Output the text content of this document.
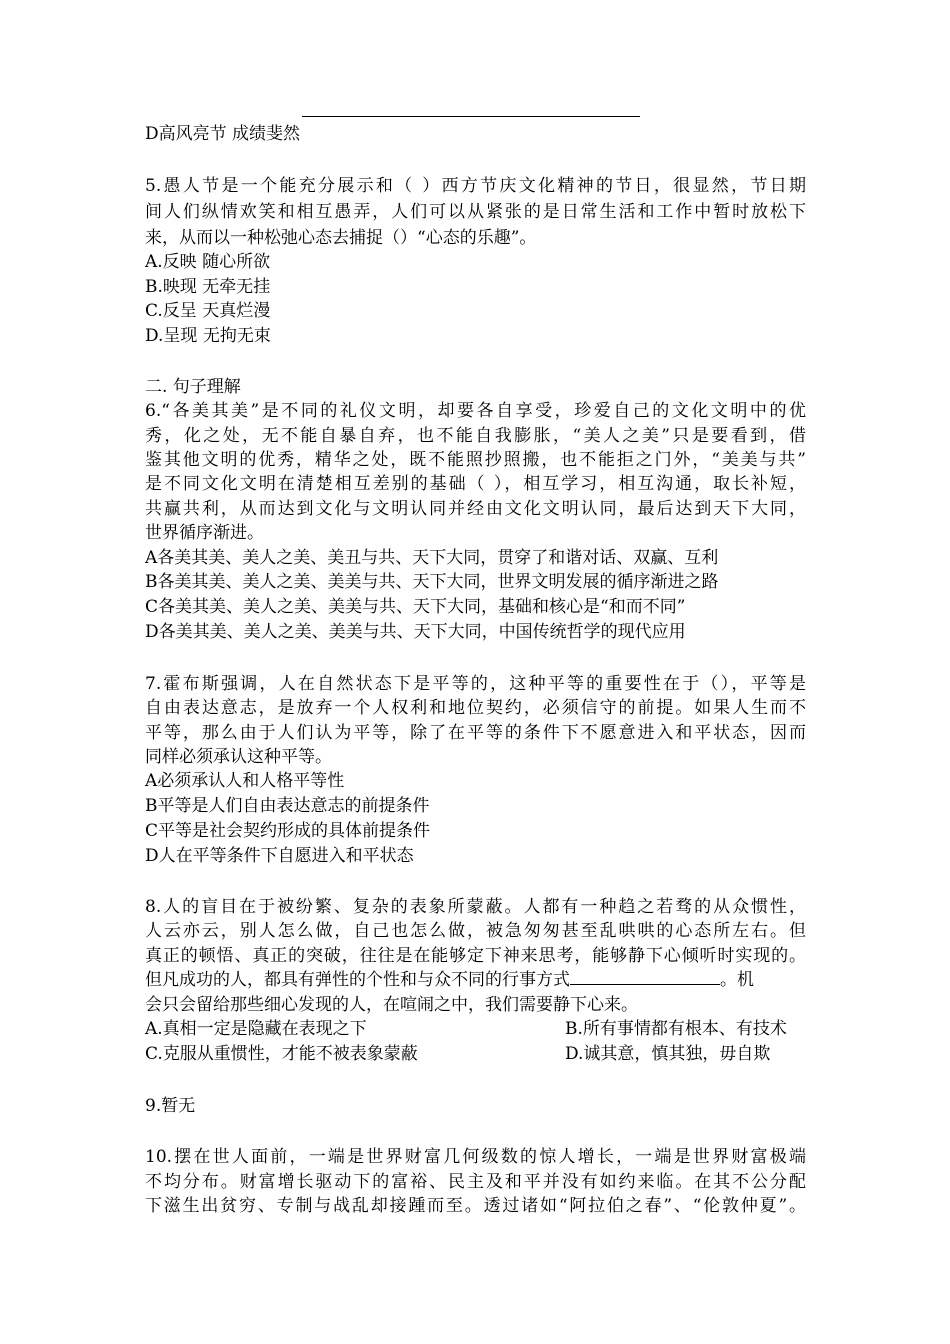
D高风亮节 成绩斐然
5.愚人节是一个能充分展示和（ ）西方节庆文化精神的节日，很显然，节日期
间人们纵情欢笑和相互愚弄，人们可以从紧张的是日常生活和工作中暂时放松下
来，从而以一种松弛心态去捕捉（）“心态的乐趣”。
A.反映 随心所欲
B.映现 无牵无挂
C.反呈 天真烂漫
D.呈现 无拘无束
二. 句子理解
6.“各美其美”是不同的礼仪文明，却要各自享受，珍爱自己的文化文明中的优
秀，化之处，无不能自暴自弃，也不能自我膨胀，“美人之美”只是要看到，借
鉴其他文明的优秀，精华之处，既不能照抄照搬，也不能拒之门外，“美美与共”
是不同文化文明在清楚相互差别的基础（ ），相互学习，相互沟通，取长补短，
共赢共利，从而达到文化与文明认同并经由文化文明认同，最后达到天下大同，
世界循序渐进。
A各美其美、美人之美、美丑与共、天下大同，贯穿了和谐对话、双赢、互利
B各美其美、美人之美、美美与共、天下大同，世界文明发展的循序渐进之路
C各美其美、美人之美、美美与共、天下大同，基础和核心是“和而不同”
D各美其美、美人之美、美美与共、天下大同，中国传统哲学的现代应用
7.霍布斯强调，人在自然状态下是平等的，这种平等的重要性在于（），平等是
自由表达意志，是放弃一个人权利和地位契约，必须信守的前提。如果人生而不
平等，那么由于人们认为平等，除了在平等的条件下不愿意进入和平状态，因而
同样必须承认这种平等。
A必须承认人和人格平等性
B平等是人们自由表达意志的前提条件
C平等是社会契约形成的具体前提条件
D人在平等条件下自愿进入和平状态
8.人的盲目在于被纷繁、复杂的表象所蒙蔽。人都有一种趋之若骛的从众惯性，
人云亦云，别人怎么做，自己也怎么做，被急匆匆甚至乱哄哄的心态所左右。但
真正的顿悟、真正的突破，往往是在能够定下神来思考，能够静下心倾听时实现的。
但凡成功的人，都具有弹性的个性和与众不同的行事方式	。机
会只会留给那些细心发现的人，在喧闹之中，我们需要静下心来。
A.真相一定是隐藏在表现之下	B.所有事情都有根本、有技术
C.克服从重惯性，才能不被表象蒙蔽	D.诚其意，慎其独，毋自欺
9.暂无
10.摆在世人面前，一端是世界财富几何级数的惊人增长，一端是世界财富极端
不均分布。财富增长驱动下的富裕、民主及和平并没有如约来临。在其不公分配
下滋生出贫穷、专制与战乱却接踵而至。透过诸如“阿拉伯之春”、“伦敦仲夏”。
